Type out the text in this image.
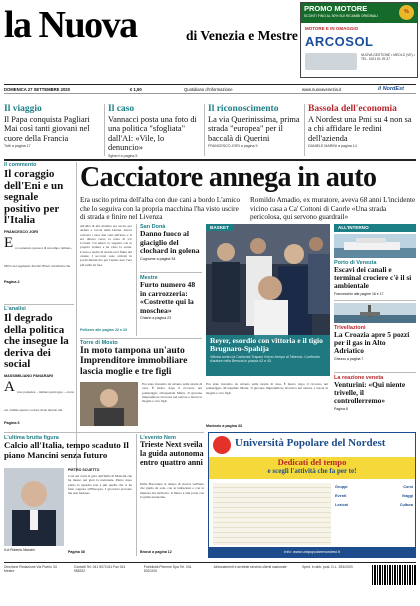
la Nuova	di Venezia e Mestre
PROMO MOTORE
SCONTI FINO AL 50% SUI RICAMBI ORIGINALI
%
MOTORE E IN OMAGGIO
ARCOSOL
NUOVA GESTIONE • MEOLO (VE) • TEL. 0421 61 29 37
DOMENICA 27 SETTEMBRE 2020	€ 1,50	Quotidiano d'informazione	www.nuovavenezia.it	il NordEst
Il viaggio
Il Papa conquista Pagliari Mai così tanti giovani nel cuore della Francia
Tutti a pagina 17
Il caso
Vannacci posta una foto di una politica "sfogliata" dall'AI: «Vile, lo denuncio»
Sgherri a pagina 5
Il riconoscimento
La via Querinissima, prima strada "europea" per il baccalà di Querini
FRANCESCO JORI a pagina 9
Bassola dell'economia
A Nordest una Pmi su 4 non sa a chi affidare le redini dell'azienda
DANIELE MARINI a pagina 14
Il commento
Il coraggio dell'Eni e un segnale positivo per l'Italia
FRANCESCO JORI
E ra sostenuto sponsor di un tempo italiano, l'80% dei segmenti. Perché l'Enel: un'attività che
Pagina 2
L'analisi
Il degrado della politica che insegue la deriva dei social
MASSIMILIANO PANARARI
A vere pazienze – italiana purtroppo – era in cui cambia questo vociare di un mondo del
Pagina 6
Cacciatore annega in auto
Era uscito prima dell'alba con due cani a bordo L'amico che lo seguiva con la propria macchina l'ha visto uscire di strada e finire nel Livenza
Romildo Amadio, ex muratore, aveva 68 anni L'incidente vicino casa a Ca' Cottoni di Caorle «Una strada pericolosa, qui servono guardrail»
All'alba di ieri mattina era uscito per andare a caccia nelle barene. Aveva caricato i suoi due cani sull'auto e si era diretto verso la zona di Ca' Cottoni. Un amico lo seguiva con la propria vettura e ha visto la scena. L'auto è uscita di strada ed è finita nel canale. I soccorsi sono arrivati in pochi minuti ma per l'uomo non c'era più nulla da fare.
Pellizzer alle pagine 22 e 23
San Donà
Danno fuoco al giaciglio del clochard in golena
Cognome a pagina 34
Mestre
Furto numero 48 in carrozzeria: «Costrette qui la moschea»
Chiarin a pagina 23
BASKET
Reyer, esordio con vittoria e il tigio Brugnaro-Spahija
Vittoria contro la Carbonia Trapani il terzo tempo al Taliercio. Confronto d'autore nella Brescia in piazza 42 e 43
ALL'INTERNO
Porto di Venezia
Escavi dei canali e terminal crociere c'è il sì ambientale
Franceschin alle pagine 16 e 17
Trivellazioni
La Croazia apre 5 pozzi per il gas in Alto Adriatico
Ghezzo a pagina 7
La reazione veneta
Venturini: «Qui niente trivelle, il controllerremo»
Pagina 6
Torre di Mosto
In moto tampona un'auto Imprenditore immobiliare lascia moglie e tre figli
Era stato investito da un'auto sulla strada di casa. È morto dopo il ricovero nel pomeriggio all'ospedale Maria. Il giovane imprenditore lavorava nel settore e lascia la moglie e i tre figli.
Era stato investito da un'auto sulla strada di casa. È morto dopo il ricovero nel pomeriggio all'ospedale Maria. Il giovane imprenditore lavorava nel settore e lascia la moglie e i tre figli.
Montorio a pagina 33
L'ultima brutta figura
Calcio all'Italia, tempo scaduto Il piano Mancini senza futuro
Il ct Roberto Mancini
PIETRO SCUETTO
Così sui conti la gara dell'Italia di Mancini che ha messo nei guai la nazionale. Piano dopo piano la squadra non è più quella che ci ha fatto sognare all'Europeo. I giocatori provano ma non bastano.
Pagina 38
L'evento Nem
Trieste Next sveila la guida autonoma entro quattro anni
Dalla Barcolana al tempo di ricerca sull'auto che guida da sola, con le istituzioni e con le imprese del territorio. Il futuro è alle porte con la guida autonoma.
Bronzi a pagina 12
Università Popolare del Nordest
Dedicati del tempo
e scegli l'attività che fa per te!
Gruppi	Corsi
Eventi	Viaggi
Lezioni	Cultura
Info: www.unipopolarenordest.it
Direzione Redazione Via Poerio 34 Mestre
Contatti Tel. 041 5072411 Fax 041 958332
Pubblicità Piemme Spa Tel. 041 5320200
Abbonamenti e arretrati servizio clienti nazionale	Sped. in abb. post. D.L. 353/2003
